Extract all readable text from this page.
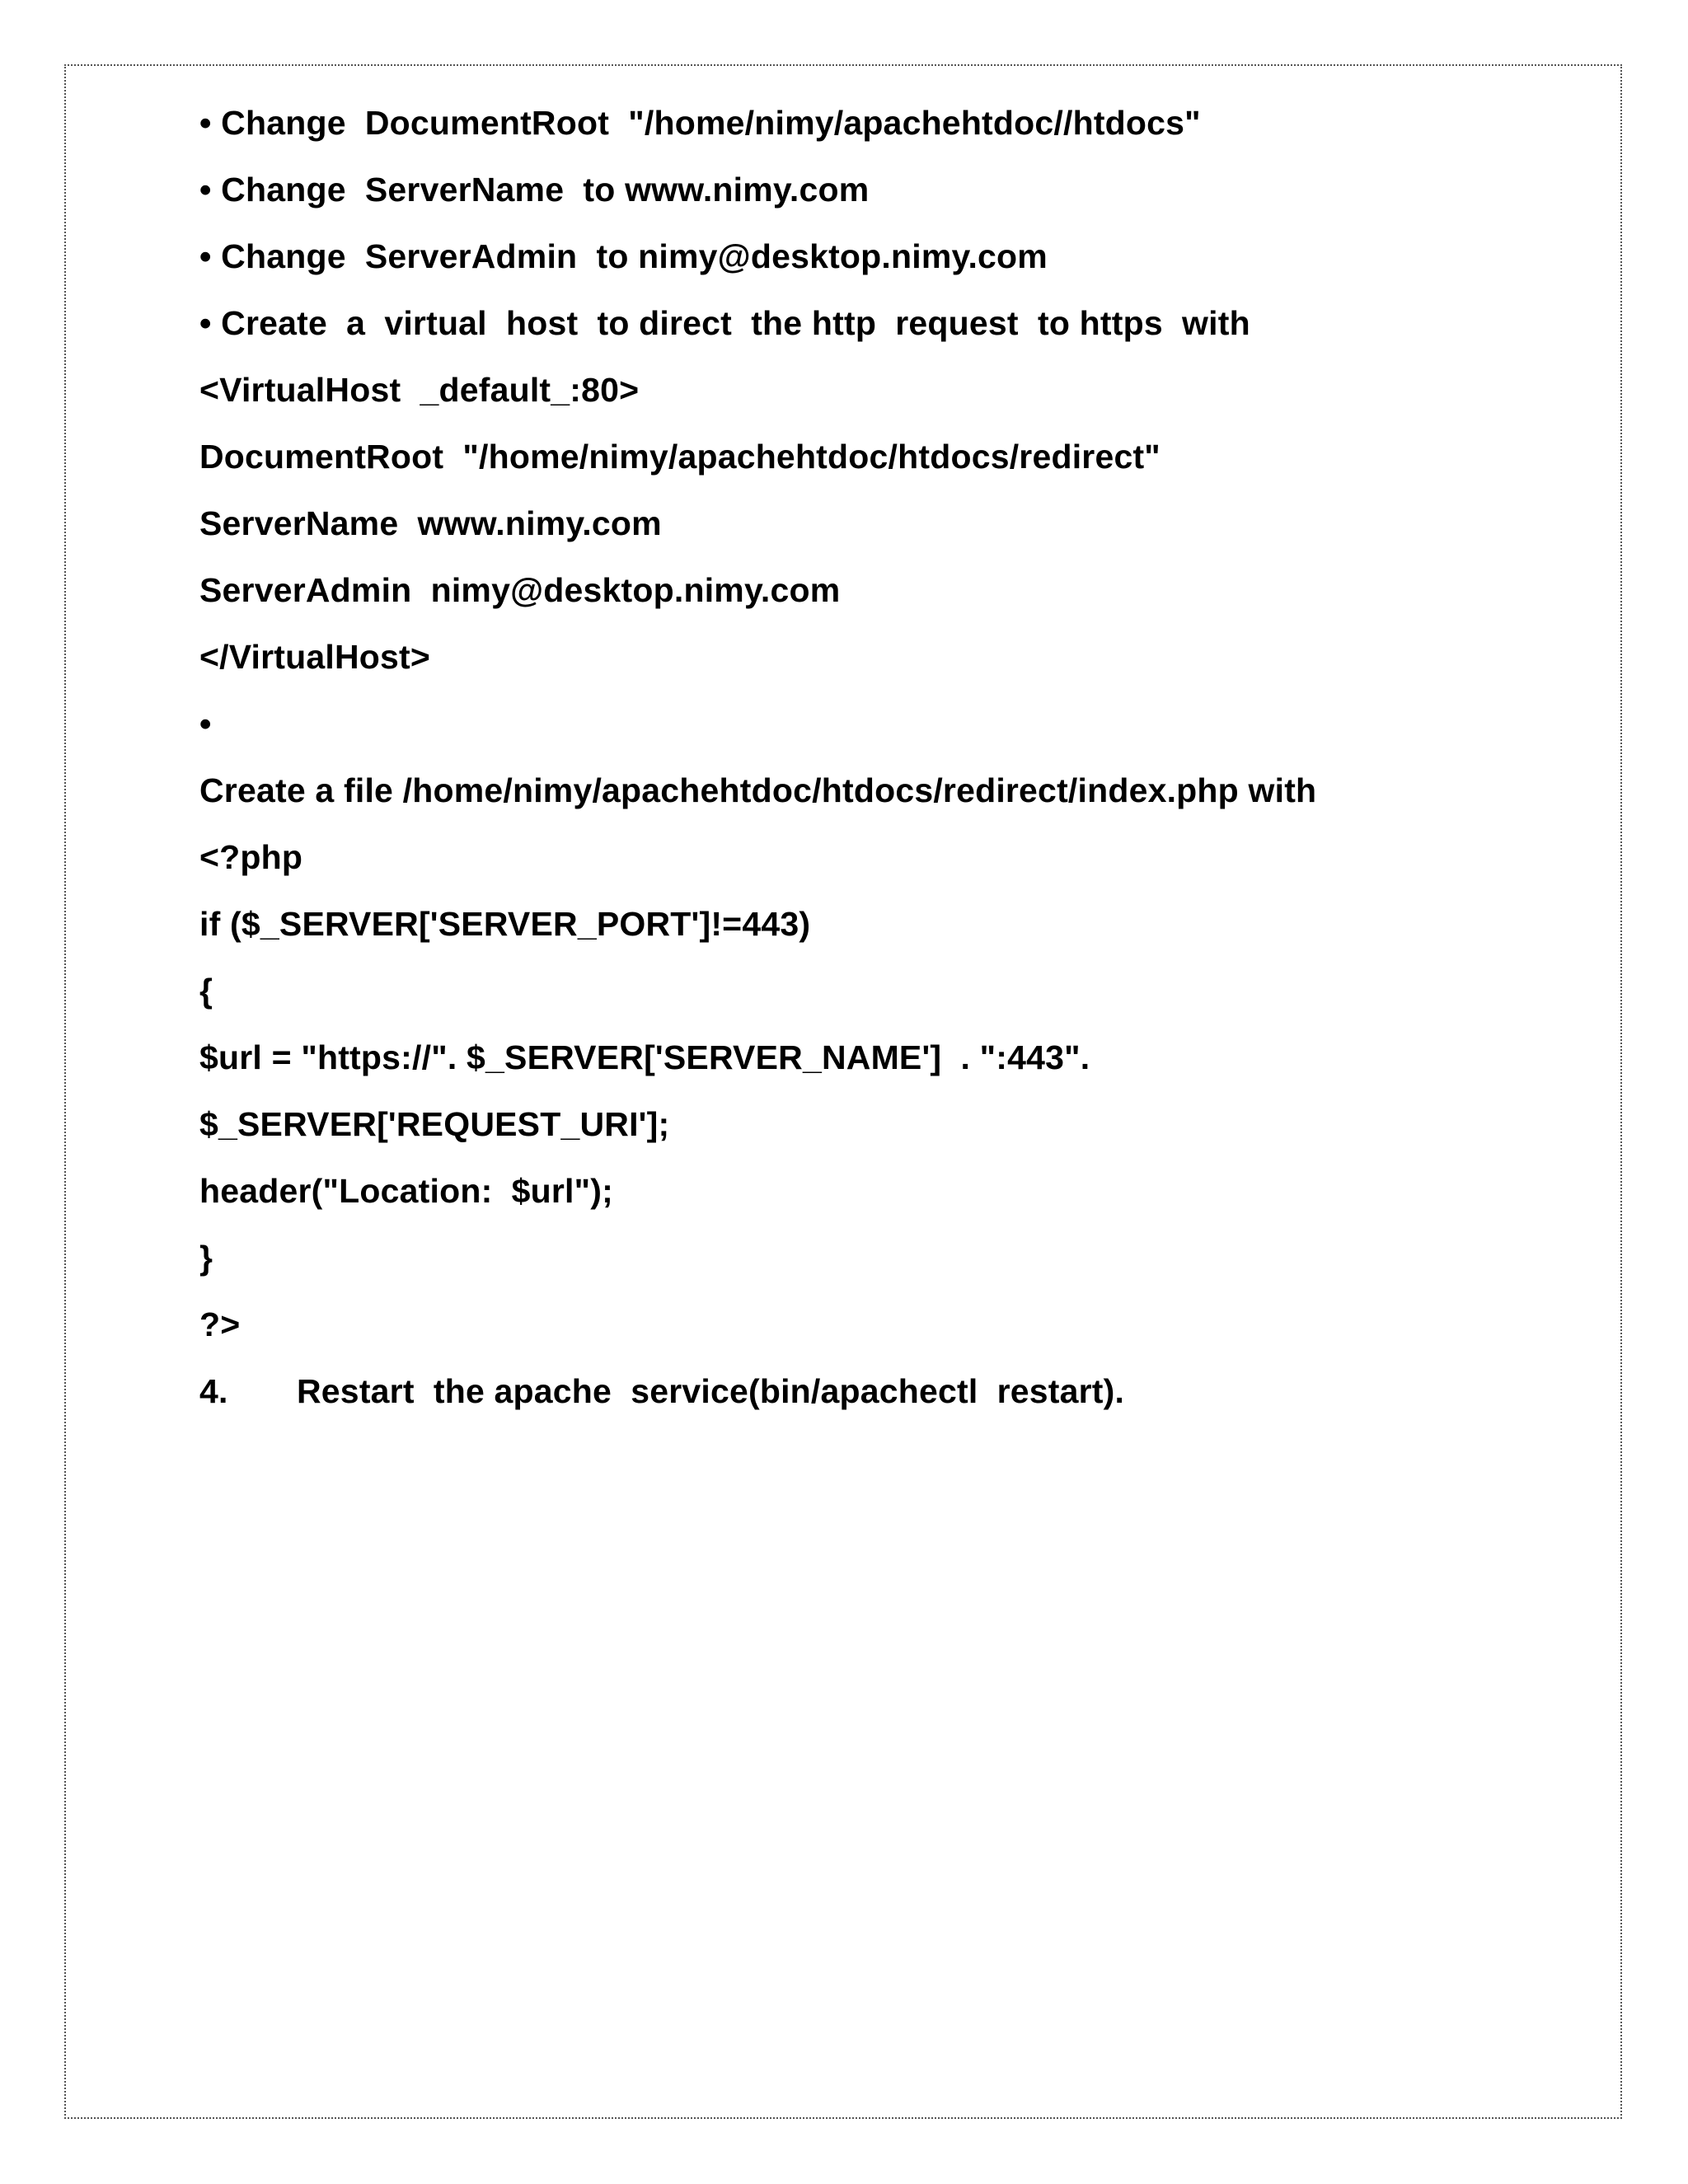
• Change  DocumentRoot  "/home/nimy/apachehtdoc//htdocs"
• Change  ServerName  to www.nimy.com
• Change  ServerAdmin  to nimy@desktop.nimy.com
• Create  a  virtual  host  to direct  the http  request  to https  with
<VirtualHost  _default_:80>
DocumentRoot  "/home/nimy/apachehtdoc/htdocs/redirect"
ServerName  www.nimy.com
ServerAdmin  nimy@desktop.nimy.com
</VirtualHost>
•
Create a file /home/nimy/apachehtdoc/htdocs/redirect/index.php with
<?php
if ($_SERVER['SERVER_PORT']!=443)
{
$url = "https://". $_SERVER['SERVER_NAME']  . ":443".
$_SERVER['REQUEST_URI'];
header("Location:  $url");
}
?>
4. Restart  the apache  service(bin/apachectl  restart).
